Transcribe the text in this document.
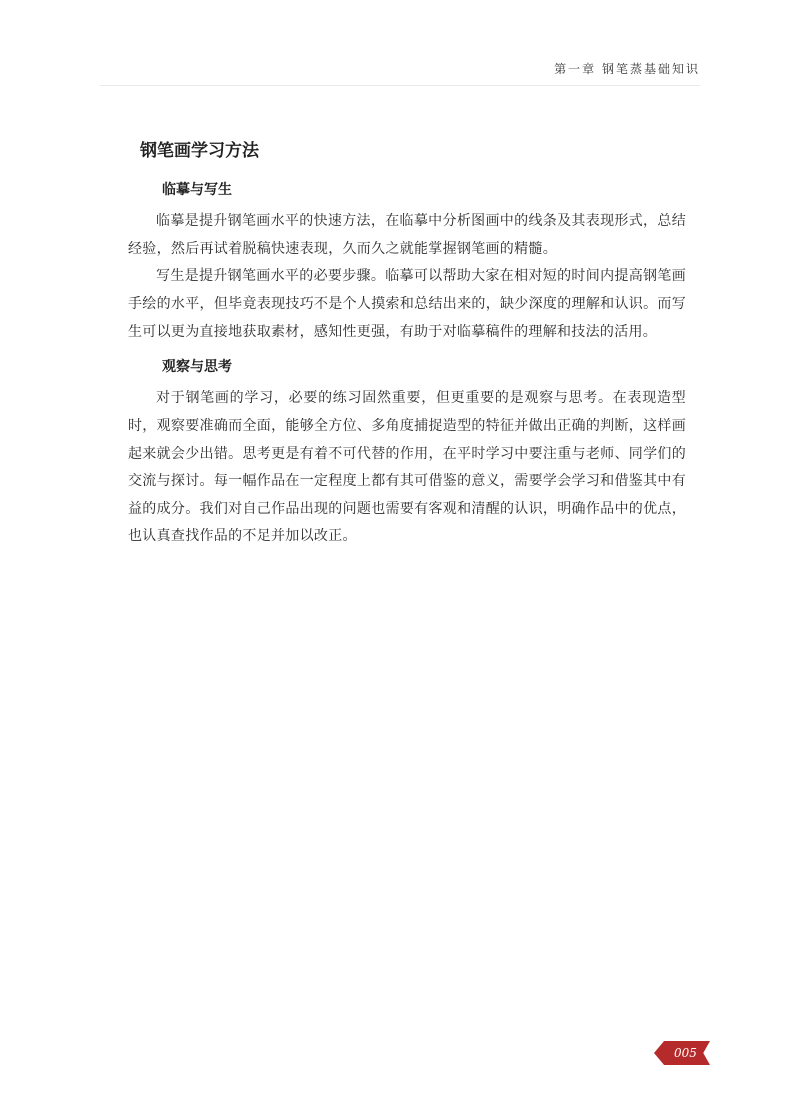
第一章 钢笔蒸基础知识
钢笔画学习方法
临摹与写生

临摹是提升钢笔画水平的快速方法，在临摹中分析图画中的线条及其表现形式，总结经验，然后再试着脱稿快速表现，久而久之就能掌握钢笔画的精髓。

写生是提升钢笔画水平的必要步骤。临摹可以帮助大家在相对短的时间内提高钢笔画手绘的水平，但毕竟表现技巧不是个人摸索和总结出来的，缺少深度的理解和认识。而写生可以更为直接地获取素材，感知性更强，有助于对临摹稿件的理解和技法的活用。

观察与思考

对于钢笔画的学习，必要的练习固然重要，但更重要的是观察与思考。在表现造型时，观察要准确而全面，能够全方位、多角度捕捉造型的特征并做出正确的判断，这样画起来就会少出错。思考更是有着不可代替的作用，在平时学习中要注重与老师、同学们的交流与探讨。每一幅作品在一定程度上都有其可借鉴的意义，需要学会学习和借鉴其中有益的成分。我们对自己作品出现的问题也需要有客观和清醒的认识，明确作品中的优点，也认真查找作品的不足并加以改正。

005
